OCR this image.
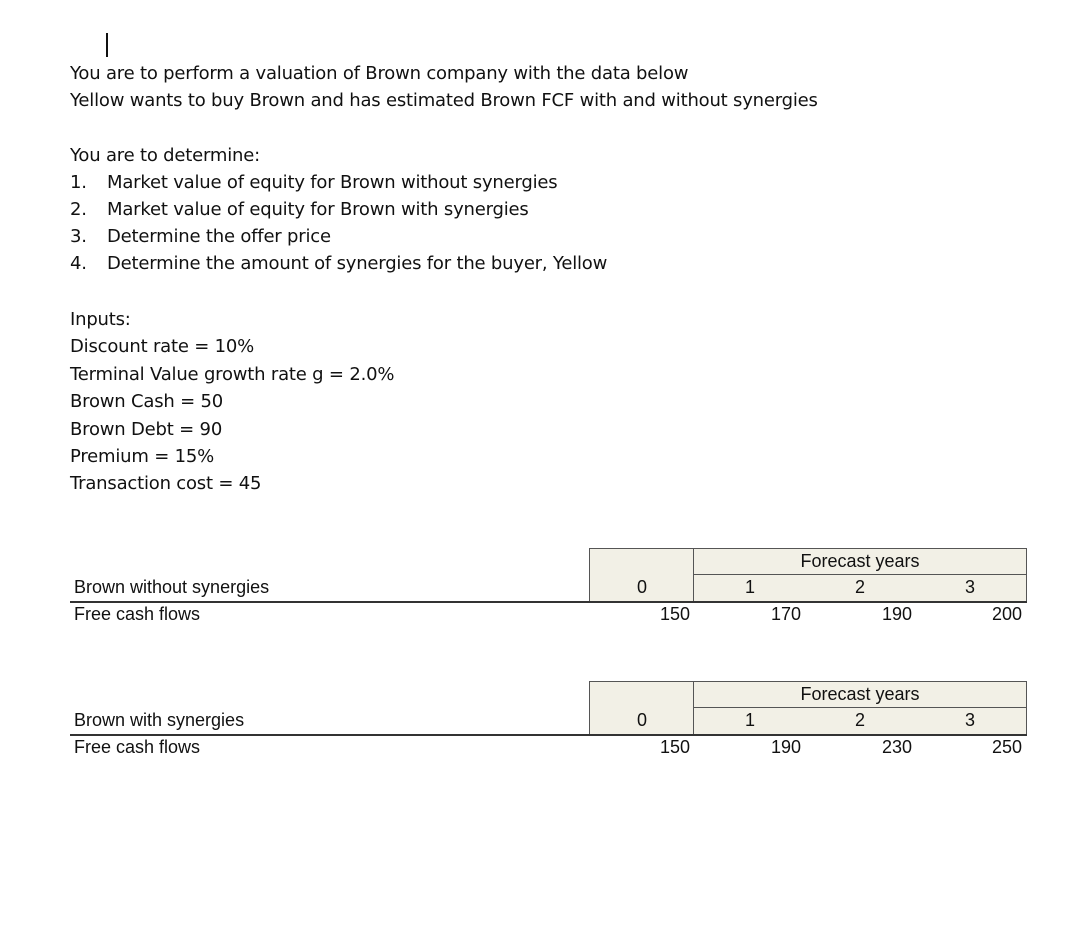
You are to perform a valuation of Brown company with the data below
Yellow wants to buy Brown and has estimated Brown FCF with and without synergies
You are to determine:
1. Market value of equity for Brown without synergies
2. Market value of equity for Brown with synergies
3. Determine the offer price
4. Determine the amount of synergies for the buyer, Yellow
Inputs:
Discount rate = 10%
Terminal Value growth rate g = 2.0%
Brown Cash = 50
Brown Debt = 90
Premium = 15%
Transaction cost = 45
Forecast years
Brown without synergies	0	1	2	3
Free cash flows	150	170	190	200
Forecast years
Brown with synergies	0	1	2	3
Free cash flows	150	190	230	250
